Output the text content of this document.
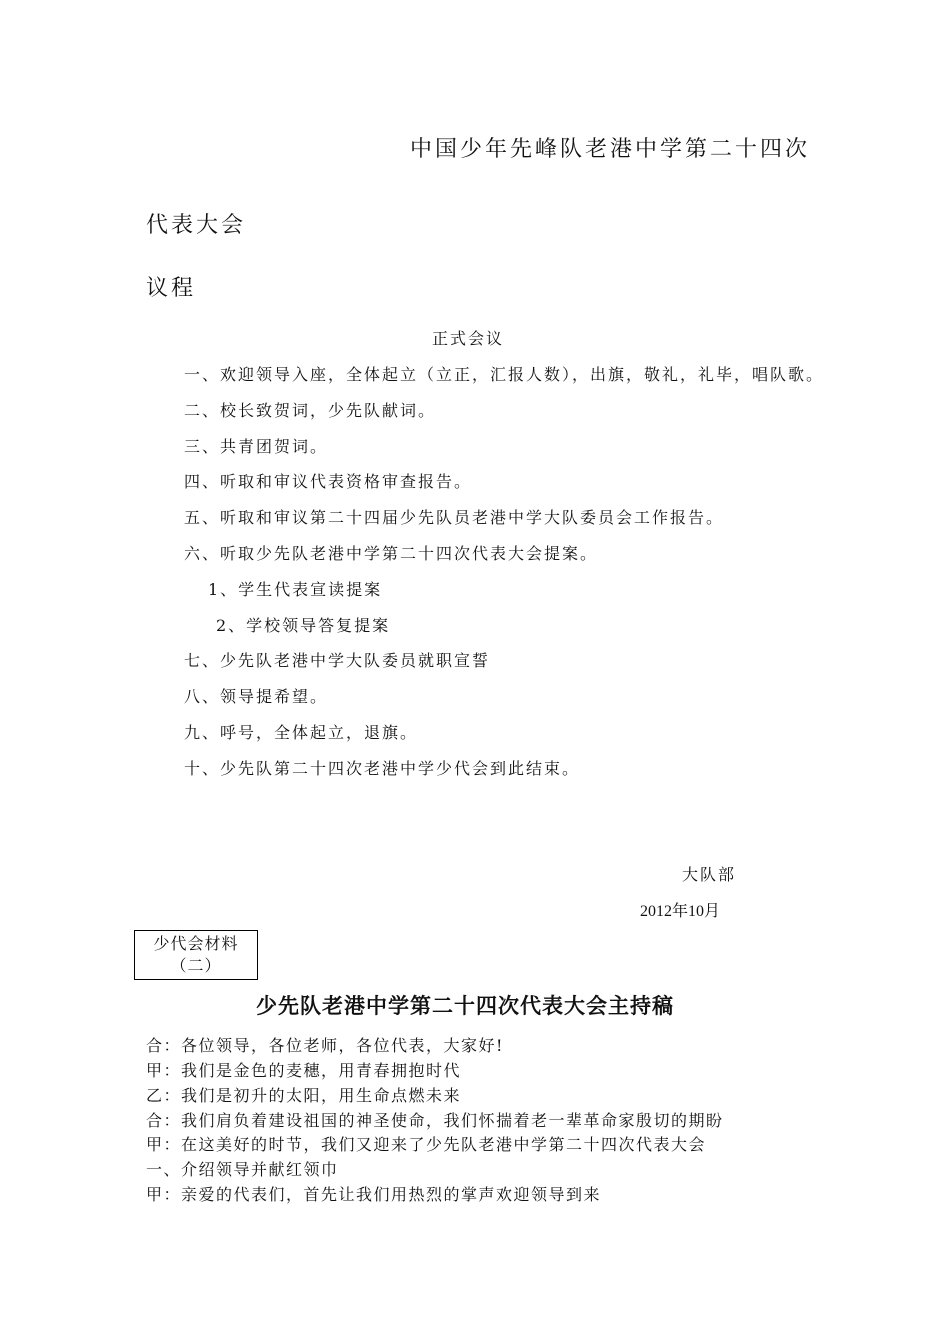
中国少年先峰队老港中学第二十四次
代表大会
议程
正式会议
一、欢迎领导入座，全体起立（立正，汇报人数），出旗，敬礼，礼毕，唱队歌。
二、校长致贺词，少先队献词。
三、共青团贺词。
四、听取和审议代表资格审查报告。
五、听取和审议第二十四届少先队员老港中学大队委员会工作报告。
六、听取少先队老港中学第二十四次代表大会提案。
1、学生代表宣读提案
2、学校领导答复提案
七、少先队老港中学大队委员就职宣誓
八、领导提希望。
九、呼号，全体起立，退旗。
十、少先队第二十四次老港中学少代会到此结束。
大队部
2012年10月
少代会材料
（二）
少先队老港中学第二十四次代表大会主持稿
合：各位领导，各位老师，各位代表，大家好!
甲：我们是金色的麦穗，用青春拥抱时代
乙：我们是初升的太阳，用生命点燃未来
合：我们肩负着建设祖国的神圣使命，我们怀揣着老一辈革命家殷切的期盼
甲：在这美好的时节，我们又迎来了少先队老港中学第二十四次代表大会
一、介绍领导并献红领巾
甲：亲爱的代表们，首先让我们用热烈的掌声欢迎领导到来
